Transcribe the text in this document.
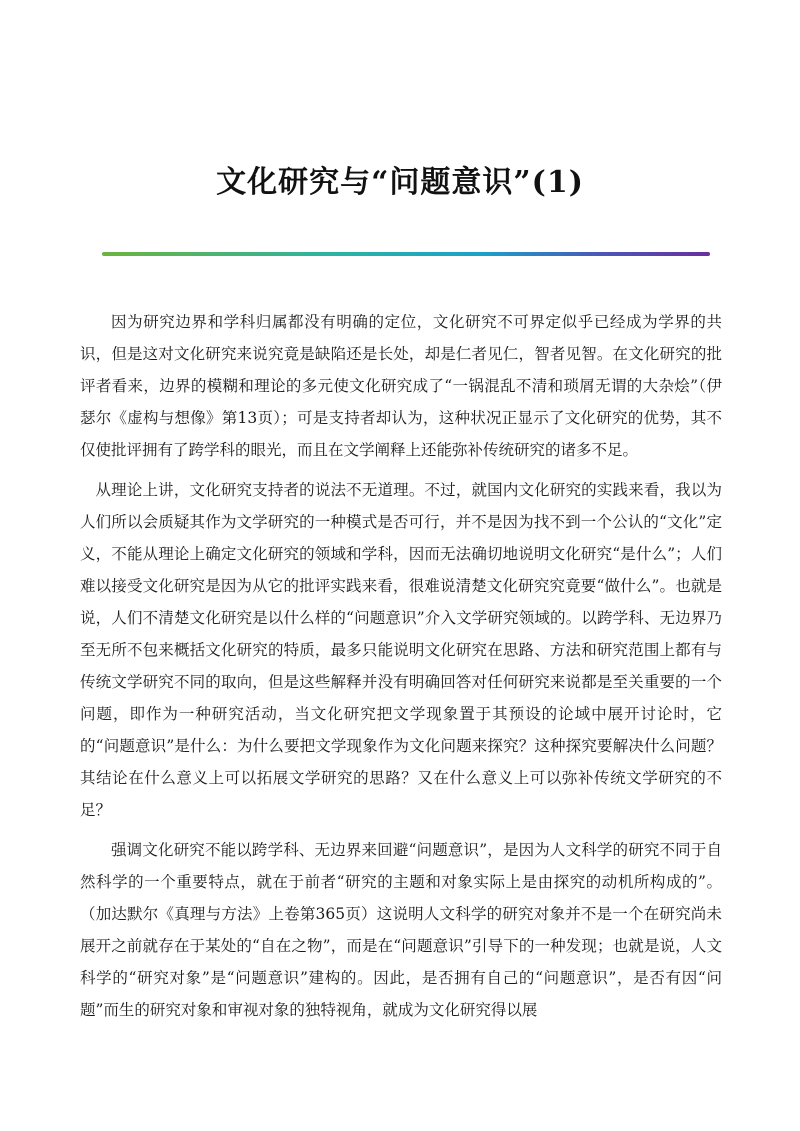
文化研究与“问题意识”(1)

因为研究边界和学科归属都没有明确的定位，文化研究不可界定似乎已经成为学界的共识，但是这对文化研究来说究竟是缺陷还是长处，却是仁者见仁，智者见智。在文化研究的批评者看来，边界的模糊和理论的多元使文化研究成了“一锅混乱不清和琐屑无谓的大杂烩”（伊瑟尔《虚构与想像》第13页）；可是支持者却认为，这种状况正显示了文化研究的优势，其不仅使批评拥有了跨学科的眼光，而且在文学阐释上还能弥补传统研究的诸多不足。

从理论上讲，文化研究支持者的说法不无道理。不过，就国内文化研究的实践来看，我以为人们所以会质疑其作为文学研究的一种模式是否可行，并不是因为找不到一个公认的“文化”定义，不能从理论上确定文化研究的领域和学科，因而无法确切地说明文化研究“是什么”；人们难以接受文化研究是因为从它的批评实践来看，很难说清楚文化研究究竟要“做什么”。也就是说，人们不清楚文化研究是以什么样的“问题意识”介入文学研究领域的。以跨学科、无边界乃至无所不包来概括文化研究的特质，最多只能说明文化研究在思路、方法和研究范围上都有与传统文学研究不同的取向，但是这些解释并没有明确回答对任何研究来说都是至关重要的一个问题，即作为一种研究活动，当文化研究把文学现象置于其预设的论域中展开讨论时，它的“问题意识”是什么：为什么要把文学现象作为文化问题来探究？这种探究要解决什么问题？其结论在什么意义上可以拓展文学研究的思路？又在什么意义上可以弥补传统文学研究的不足？

强调文化研究不能以跨学科、无边界来回避“问题意识”，是因为人文科学的研究不同于自然科学的一个重要特点，就在于前者“研究的主题和对象实际上是由探究的动机所构成的”。（加达默尔《真理与方法》上卷第365页）这说明人文科学的研究对象并不是一个在研究尚未展开之前就存在于某处的“自在之物”，而是在“问题意识”引导下的一种发现；也就是说，人文科学的“研究对象”是“问题意识”建构的。因此，是否拥有自己的“问题意识”，是否有因“问题”而生的研究对象和审视对象的独特视角，就成为文化研究得以展
